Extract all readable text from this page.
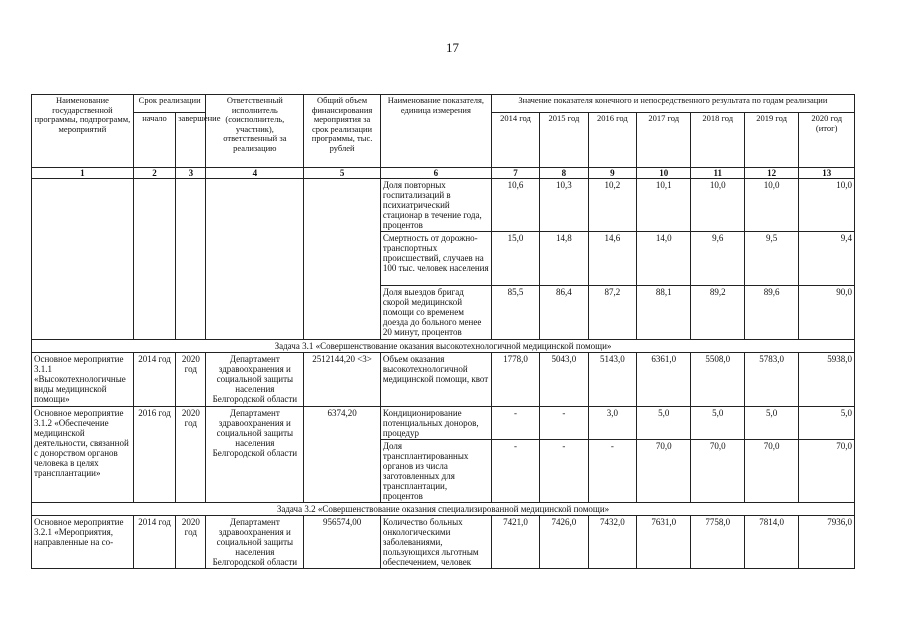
17
Наименование государственной программы, подпрограмм, мероприятий	Срок реализации		Ответственный исполнитель (соисполнитель, участник), ответственный за реализацию	Общий объем финансирования мероприятия за срок реализации программы, тыс. рублей	Наименование показателя, единица измерения	Значение показателя конечного и непосредственного результата по годам реализации						
	начало	завершение				2014 год	2015 год	2016 год	2017 год	2018 год	2019 год	2020 год (итог)
1	2	3	4	5	6	7	8	9	10	11	12	13
					Доля повторных госпитализаций в психиатрический стационар в течение года, процентов	10,6	10,3	10,2	10,1	10,0	10,0	10,0
					Смертность от дорожно-транспортных происшествий, случаев на 100 тыс. человек населения	15,0	14,8	14,6	14,0	9,6	9,5	9,4
					Доля выездов бригад скорой медицинской помощи со временем доезда до больного менее 20 минут, процентов	85,5	86,4	87,2	88,1	89,2	89,6	90,0
Задача 3.1 «Совершенствование оказания высокотехнологичной медицинской помощи»												
Основное мероприятие 3.1.1 «Высокотехнологичные виды медицинской помощи»	2014 год	2020 год	Департамент здравоохранения и социальной защиты населения Белгородской области	2512144,20 <3>	Объем оказания высокотехнологичной медицинской помощи, квот	1778,0	5043,0	5143,0	6361,0	5508,0	5783,0	5938,0
Основное мероприятие 3.1.2 «Обеспечение медицинской деятельности, связанной с донорством органов человека в целях трансплантации»	2016 год	2020 год	Департамент здравоохранения и социальной защиты населения Белгородской области	6374,20	Кондиционирование потенциальных доноров, процедур	-	-	3,0	5,0	5,0	5,0	5,0
					Доля трансплантированных органов из числа заготовленных для трансплантации, процентов	-	-	-	70,0	70,0	70,0	70,0
Задача 3.2 «Совершенствование оказания специализированной медицинской помощи»												
Основное мероприятие 3.2.1 «Мероприятия, направленные на со-	2014 год	2020 год	Департамент здравоохранения и социальной защиты населения Белгородской области	956574,00	Количество больных онкологическими заболеваниями, пользующихся льготным обеспечением, человек	7421,0	7426,0	7432,0	7631,0	7758,0	7814,0	7936,0
